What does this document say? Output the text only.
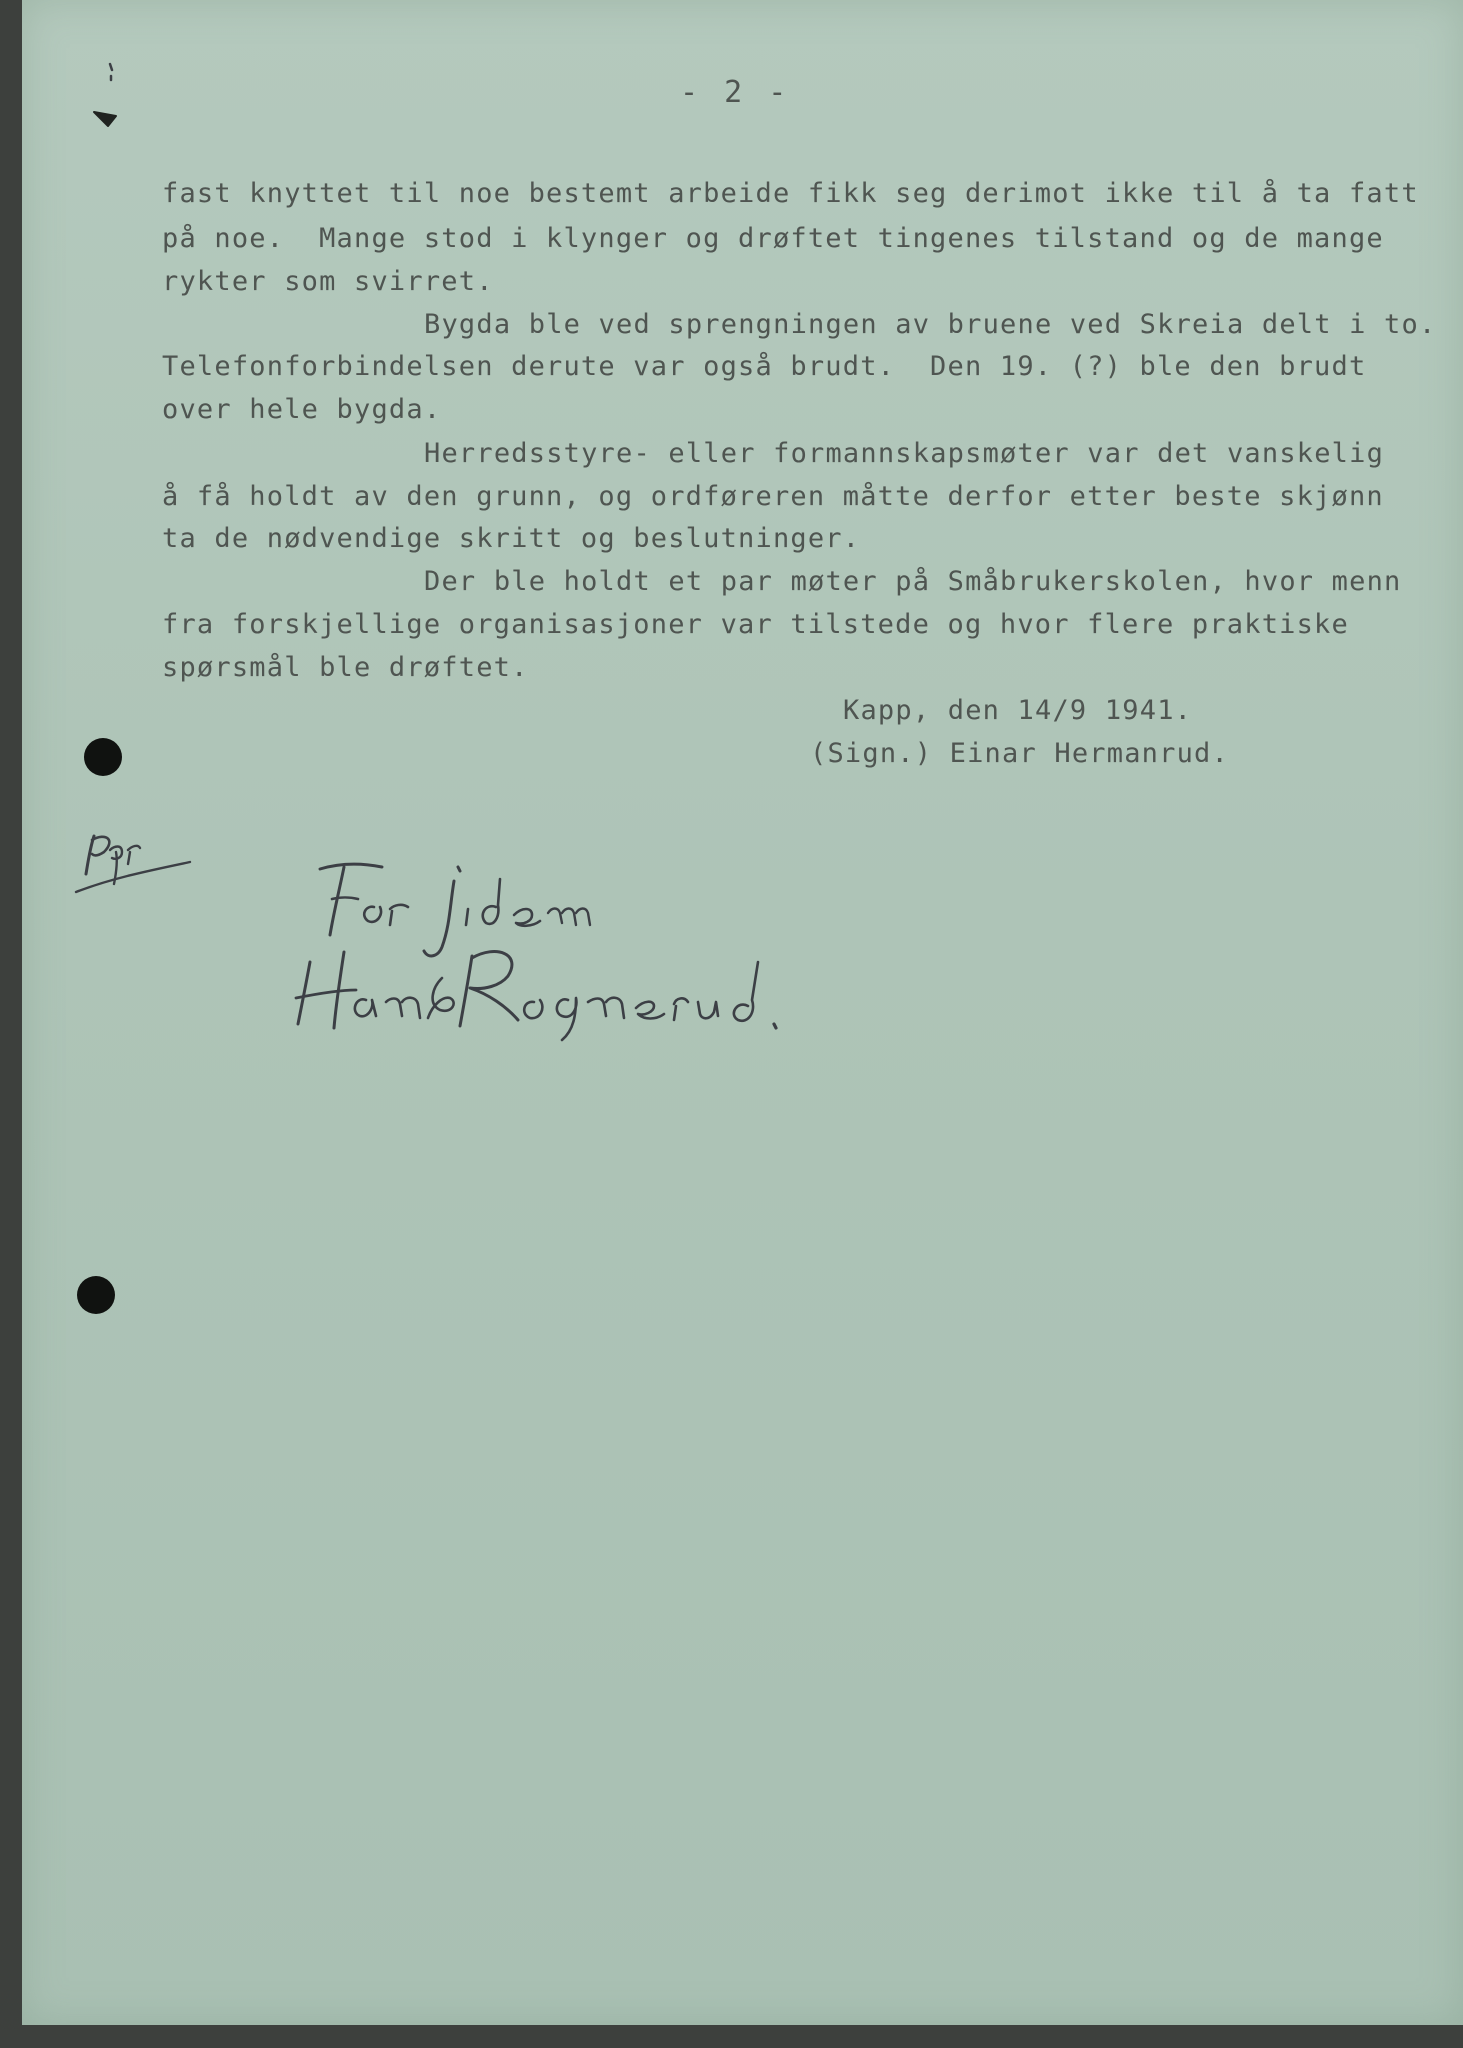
- 2 -
fast knyttet til noe bestemt arbeide fikk seg derimot ikke til å ta fatt
på noe.  Mange stod i klynger og drøftet tingenes tilstand og de mange
rykter som svirret.
Bygda ble ved sprengningen av bruene ved Skreia delt i to.
Telefonforbindelsen derute var også brudt.  Den 19. (?) ble den brudt
over hele bygda.
Herredsstyre- eller formannskapsmøter var det vanskelig
å få holdt av den grunn, og ordføreren måtte derfor etter beste skjønn
ta de nødvendige skritt og beslutninger.
Der ble holdt et par møter på Småbrukerskolen, hvor menn
fra forskjellige organisasjoner var tilstede og hvor flere praktiske
spørsmål ble drøftet.
Kapp, den 14/9 1941.
(Sign.) Einar Hermanrud.
